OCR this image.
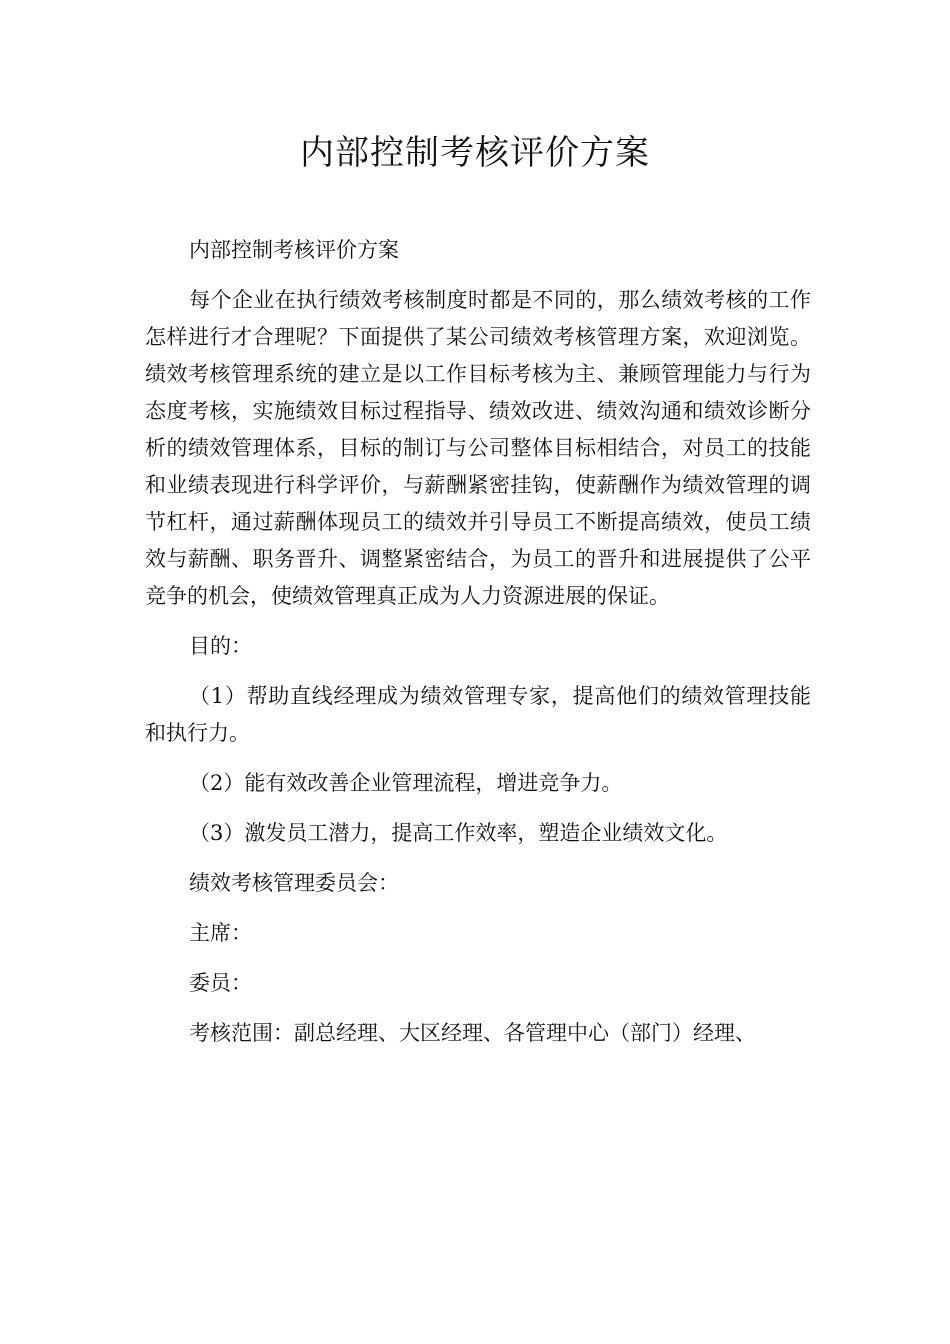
内部控制考核评价方案

内部控制考核评价方案

每个企业在执行绩效考核制度时都是不同的，那么绩效考核的工作怎样进行才合理呢？下面提供了某公司绩效考核管理方案，欢迎浏览。绩效考核管理系统的建立是以工作目标考核为主、兼顾管理能力与行为态度考核，实施绩效目标过程指导、绩效改进、绩效沟通和绩效诊断分析的绩效管理体系，目标的制订与公司整体目标相结合，对员工的技能和业绩表现进行科学评价，与薪酬紧密挂钩，使薪酬作为绩效管理的调节杠杆，通过薪酬体现员工的绩效并引导员工不断提高绩效，使员工绩效与薪酬、职务晋升、调整紧密结合，为员工的晋升和进展提供了公平竞争的机会，使绩效管理真正成为人力资源进展的保证。

目的：

（1）帮助直线经理成为绩效管理专家，提高他们的绩效管理技能和执行力。

（2）能有效改善企业管理流程，增进竞争力。

（3）激发员工潜力，提高工作效率，塑造企业绩效文化。

绩效考核管理委员会：

主席：

委员：

考核范围：副总经理、大区经理、各管理中心（部门）经理、
